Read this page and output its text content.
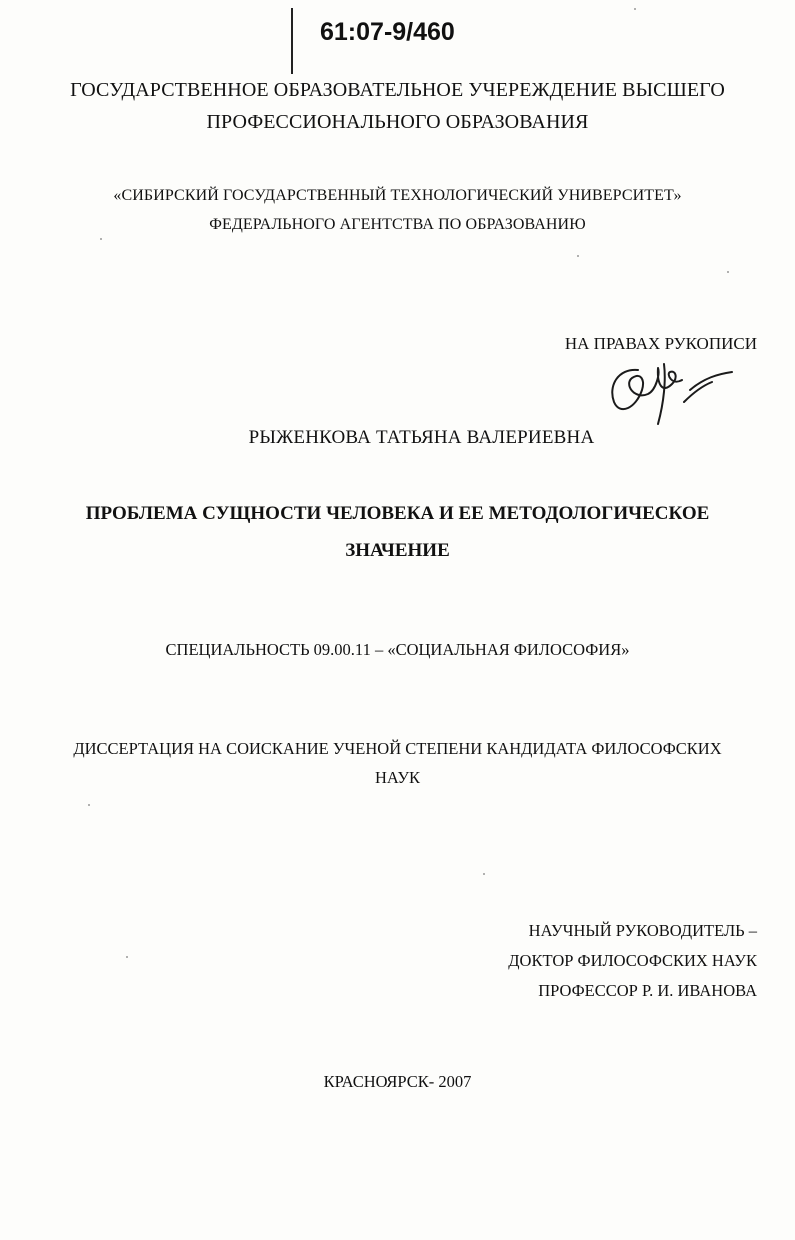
61:07-9/460
ГОСУДАРСТВЕННОЕ ОБРАЗОВАТЕЛЬНОЕ УЧЕРЕЖДЕНИЕ ВЫСШЕГО
ПРОФЕССИОНАЛЬНОГО ОБРАЗОВАНИЯ
«СИБИРСКИЙ ГОСУДАРСТВЕННЫЙ ТЕХНОЛОГИЧЕСКИЙ УНИВЕРСИТЕТ»
ФЕДЕРАЛЬНОГО АГЕНТСТВА ПО ОБРАЗОВАНИЮ
НА ПРАВАХ РУКОПИСИ
РЫЖЕНКОВА ТАТЬЯНА ВАЛЕРИЕВНА
ПРОБЛЕМА СУЩНОСТИ ЧЕЛОВЕКА И ЕЕ МЕТОДОЛОГИЧЕСКОЕ
ЗНАЧЕНИЕ
СПЕЦИАЛЬНОСТЬ 09.00.11 – «СОЦИАЛЬНАЯ ФИЛОСОФИЯ»
ДИССЕРТАЦИЯ НА СОИСКАНИЕ УЧЕНОЙ СТЕПЕНИ КАНДИДАТА ФИЛОСОФСКИХ
НАУК
НАУЧНЫЙ РУКОВОДИТЕЛЬ –
ДОКТОР ФИЛОСОФСКИХ НАУК
ПРОФЕССОР Р. И. ИВАНОВА
КРАСНОЯРСК- 2007
